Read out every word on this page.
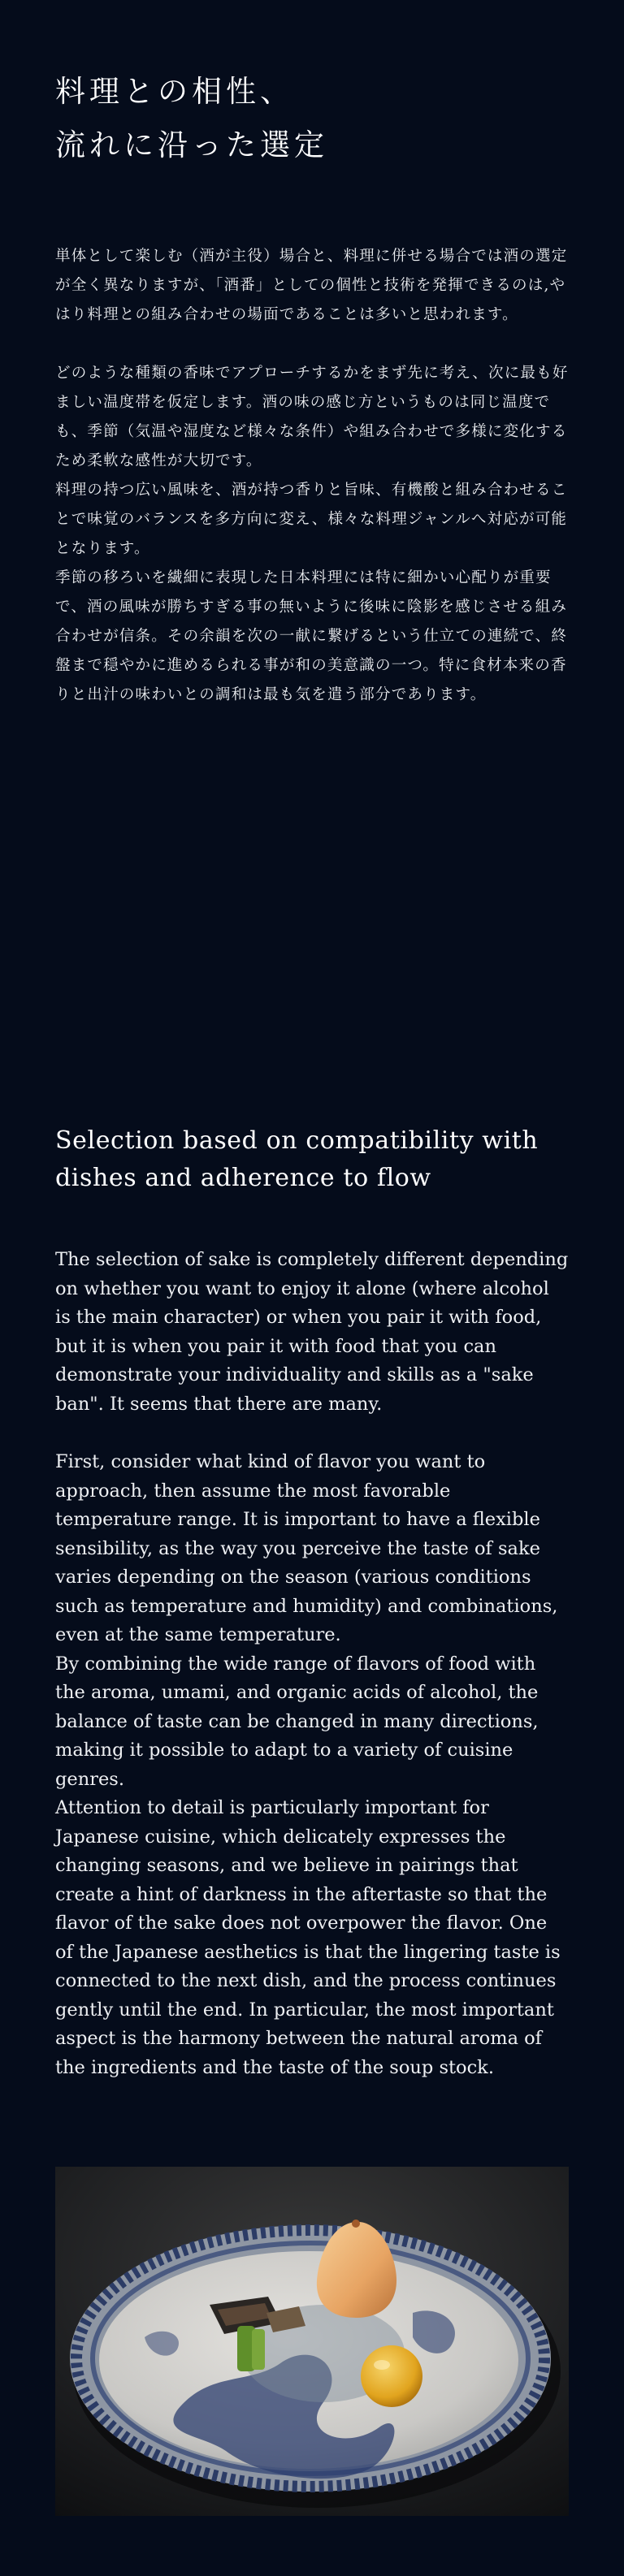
料理との相性、
流れに沿った選定

単体として楽しむ（酒が主役）場合と、料理に併せる場合では酒の選定が全く異なりますが、「酒番」としての個性と技術を発揮できるのは,やはり料理との組み合わせの場面であることは多いと思われます。

どのような種類の香味でアプローチするかをまず先に考え、次に最も好ましい温度帯を仮定します。酒の味の感じ方というものは同じ温度でも、季節（気温や湿度など様々な条件）や組み合わせで多様に変化するため柔軟な感性が大切です。

料理の持つ広い風味を、酒が持つ香りと旨味、有機酸と組み合わせることで味覚のバランスを多方向に変え、様々な料理ジャンルへ対応が可能となります。

季節の移ろいを繊細に表現した日本料理には特に細かい心配りが重要で、酒の風味が勝ちすぎる事の無いように後味に陰影を感じさせる組み合わせが信条。その余韻を次の一献に繋げるという仕立ての連続で、終盤まで穏やかに進めるられる事が和の美意識の一つ。特に食材本来の香りと出汁の味わいとの調和は最も気を遣う部分であります。

Selection based on compatibility with
dishes and adherence to flow

The selection of sake is completely different depending on whether you want to enjoy it alone (where alcohol is the main character) or when you pair it with food, but it is when you pair it with food that you can demonstrate your individuality and skills as a "sake ban". It seems that there are many.

First, consider what kind of flavor you want to approach, then assume the most favorable temperature range. It is important to have a flexible sensibility, as the way you perceive the taste of sake varies depending on the season (various conditions such as temperature and humidity) and combinations, even at the same temperature.

By combining the wide range of flavors of food with the aroma, umami, and organic acids of alcohol, the balance of taste can be changed in many directions, making it possible to adapt to a variety of cuisine genres.

Attention to detail is particularly important for Japanese cuisine, which delicately expresses the changing seasons, and we believe in pairings that create a hint of darkness in the aftertaste so that the flavor of the sake does not overpower the flavor. One of the Japanese aesthetics is that the lingering taste is connected to the next dish, and the process continues gently until the end. In particular, the most important aspect is the harmony between the natural aroma of the ingredients and the taste of the soup stock.
